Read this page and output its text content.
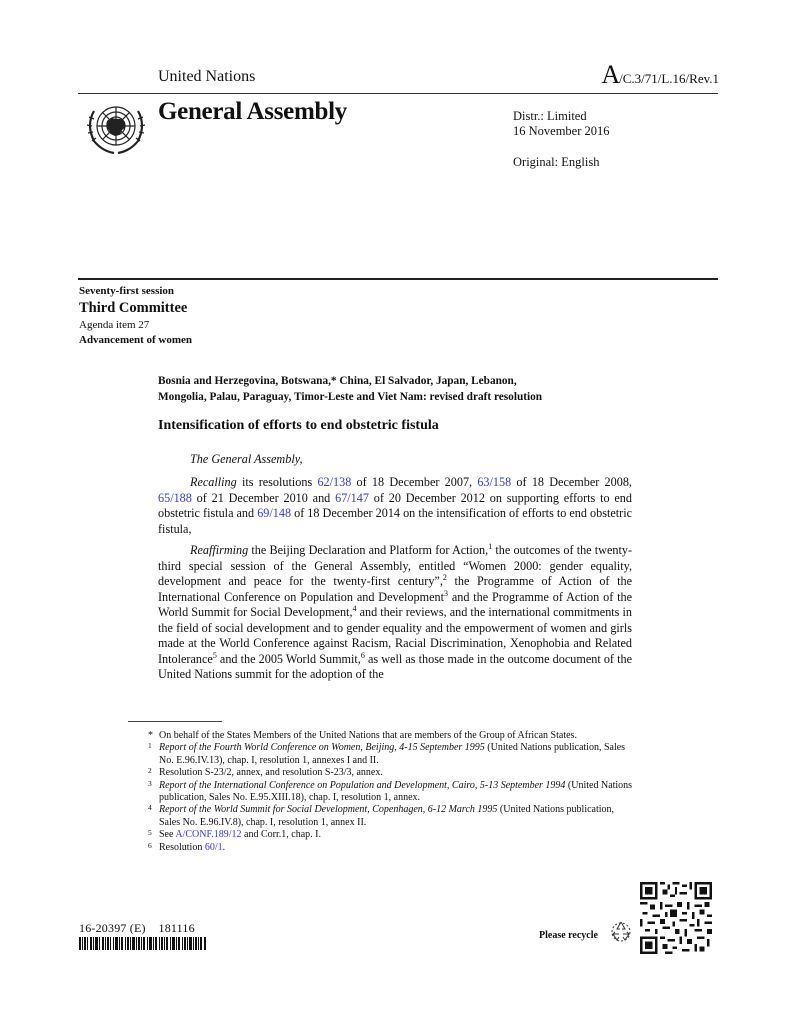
United Nations	A/C.3/71/L.16/Rev.1
General Assembly	Distr.: Limited
16 November 2016
Original: English
Seventy-first session
Third Committee
Agenda item 27
Advancement of women
Bosnia and Herzegovina, Botswana,* China, El Salvador, Japan, Lebanon,
Mongolia, Palau, Paraguay, Timor-Leste and Viet Nam: revised draft resolution
Intensification of efforts to end obstetric fistula
The General Assembly,
Recalling its resolutions 62/138 of 18 December 2007, 63/158 of 18 December 2008, 65/188 of 21 December 2010 and 67/147 of 20 December 2012 on supporting efforts to end obstetric fistula and 69/148 of 18 December 2014 on the intensification of efforts to end obstetric fistula,
Reaffirming the Beijing Declaration and Platform for Action,$^1$ the outcomes of the twenty-third special session of the General Assembly, entitled “Women 2000: gender equality, development and peace for the twenty-first century”,$^2$ the Programme of Action of the International Conference on Population and Development$^3$ and the Programme of Action of the World Summit for Social Development,$^4$ and their reviews, and the international commitments in the field of social development and to gender equality and the empowerment of women and girls made at the World Conference against Racism, Racial Discrimination, Xenophobia and Related Intolerance$^5$ and the 2005 World Summit,$^6$ as well as those made in the outcome document of the United Nations summit for the adoption of the
* On behalf of the States Members of the United Nations that are members of the Group of African States.
1 Report of the Fourth World Conference on Women, Beijing, 4-15 September 1995 (United Nations publication, Sales No. E.96.IV.13), chap. I, resolution 1, annexes I and II.
2 Resolution S-23/2, annex, and resolution S-23/3, annex.
3 Report of the International Conference on Population and Development, Cairo, 5-13 September 1994 (United Nations publication, Sales No. E.95.XIII.18), chap. I, resolution 1, annex.
4 Report of the World Summit for Social Development, Copenhagen, 6-12 March 1995 (United Nations publication, Sales No. E.96.IV.8), chap. I, resolution 1, annex II.
5 See A/CONF.189/12 and Corr.1, chap. I.
6 Resolution 60/1.
16-20397 (E)    181116
Please recycle
